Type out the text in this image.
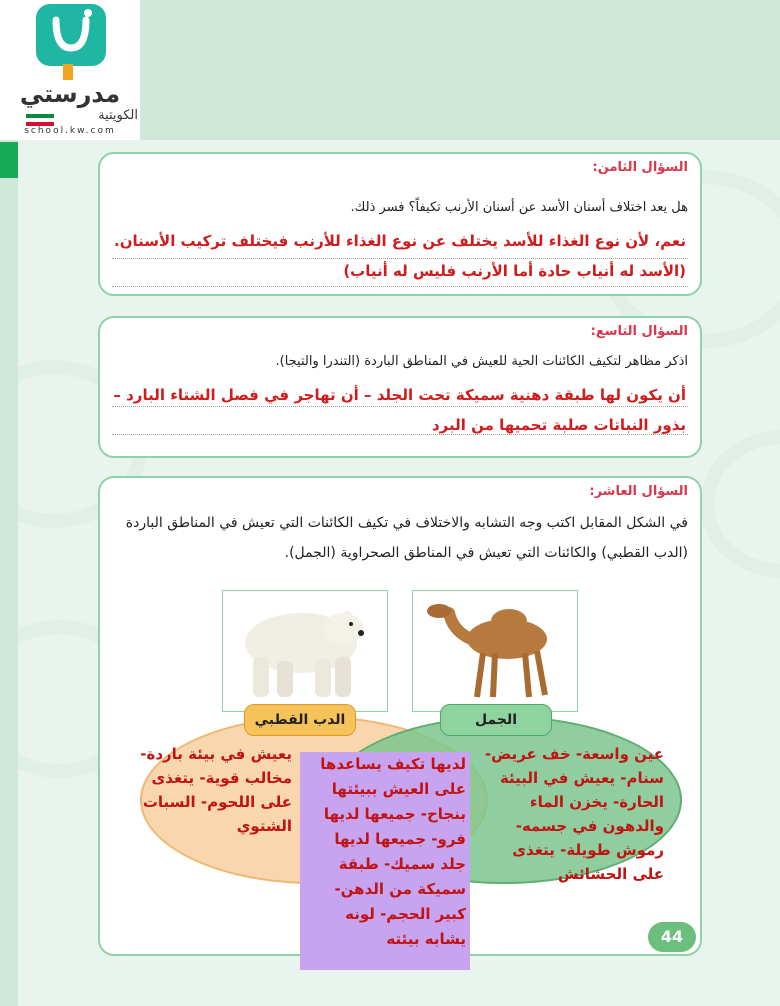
مدرستي
الكويتية
school.kw.com
السؤال الثامن:
هل يعد اختلاف أسنان الأسد عن أسنان الأرنب تكيفاً؟ فسر ذلك.
نعم، لأن نوع الغذاء للأسد يختلف عن نوع الغذاء للأرنب فيختلف تركيب الأسنان. (الأسد له أنياب حادة أما الأرنب فليس له أنياب)
السؤال التاسع:
اذكر مظاهر لتكيف الكائنات الحية للعيش في المناطق الباردة (التندرا والتيجا).
أن يكون لها طبقة دهنية سميكة تحت الجلد – أن تهاجر في فصل الشتاء البارد – بذور النباتات صلبة تحميها من البرد
السؤال العاشر:
في الشكل المقابل اكتب وجه التشابه والاختلاف في تكيف الكائنات التي تعيش في المناطق الباردة (الدب القطبي) والكائنات التي تعيش في المناطق الصحراوية (الجمل).
الدب القطبي	الجمل
يعيش في بيئة باردة- مخالب قوية- يتغذى على اللحوم- السبات الشتوي
لديها تكيف يساعدها على العيش ببيئتها بنجاح- جميعها لديها فرو- جميعها لديها جلد سميك- طبقة سميكة من الدهن- كبير الحجم- لونه يشابه بيئته
عين واسعة- خف عريض- سنام- يعيش في البيئة الحارة- يخزن الماء والدهون في جسمه- رموش طويلة- يتغذى على الحشائش
44
